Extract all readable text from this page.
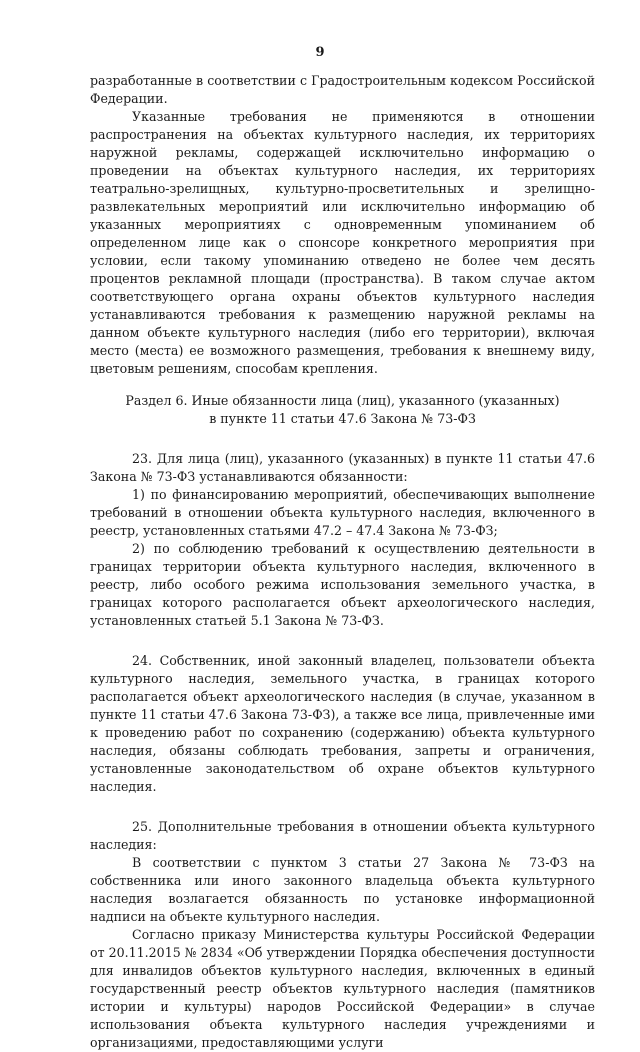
9

разработанные в соответствии с Градостроительным кодексом Российской Федерации.

Указанные требования не применяются в отношении распространения на объектах культурного наследия, их территориях наружной рекламы, содержащей исключительно информацию о проведении на объектах культурного наследия, их территориях театрально-зрелищных, культурно-просветительных и зрелищно-развлекательных мероприятий или исключительно информацию об указанных мероприятиях с одновременным упоминанием об определенном лице как о спонсоре конкретного мероприятия при условии, если такому упоминанию отведено не более чем десять процентов рекламной площади (пространства). В таком случае актом соответствующего органа охраны объектов культурного наследия устанавливаются требования к размещению наружной рекламы на данном объекте культурного наследия (либо его территории), включая место (места) ее возможного размещения, требования к внешнему виду, цветовым решениям, способам крепления.

Раздел 6. Иные обязанности лица (лиц), указанного (указанных)
в пункте 11 статьи 47.6 Закона № 73-ФЗ

23. Для лица (лиц), указанного (указанных) в пункте 11 статьи 47.6 Закона № 73-ФЗ устанавливаются обязанности:

1) по финансированию мероприятий, обеспечивающих выполнение требований в отношении объекта культурного наследия, включенного в реестр, установленных статьями 47.2 – 47.4 Закона № 73-ФЗ;

2) по соблюдению требований к осуществлению деятельности в границах территории объекта культурного наследия, включенного в реестр, либо особого режима использования земельного участка, в границах которого располагается объект археологического наследия, установленных статьей 5.1 Закона № 73-ФЗ.

24. Собственник, иной законный владелец, пользователи объекта культурного наследия, земельного участка, в границах которого располагается объект археологического наследия (в случае, указанном в пункте 11 статьи 47.6 Закона 73-ФЗ), а также все лица, привлеченные ими к проведению работ по сохранению (содержанию) объекта культурного наследия, обязаны соблюдать требования, запреты и ограничения, установленные законодательством об охране объектов культурного наследия.

25. Дополнительные требования в отношении объекта культурного наследия:

В соответствии с пунктом 3 статьи 27 Закона № 73-ФЗ на собственника или иного законного владельца объекта культурного наследия возлагается обязанность по установке информационной надписи на объекте культурного наследия.

Согласно приказу Министерства культуры Российской Федерации от 20.11.2015 № 2834 «Об утверждении Порядка обеспечения доступности для инвалидов объектов культурного наследия, включенных в единый государственный реестр объектов культурного наследия (памятников истории и культуры) народов Российской Федерации» в случае использования объекта культурного наследия учреждениями и организациями, предоставляющими услуги
